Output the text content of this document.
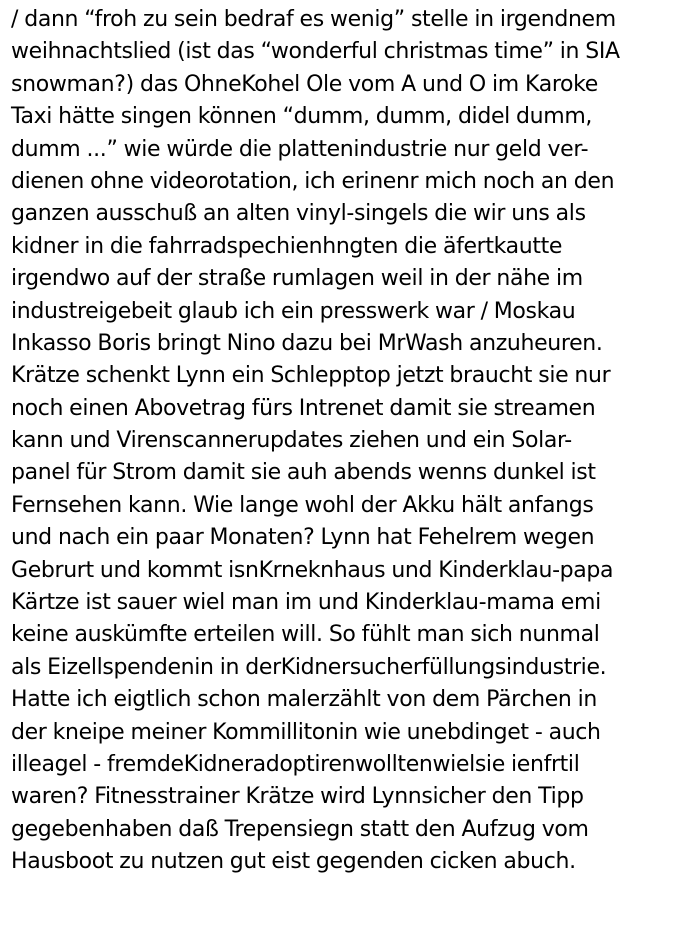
/ dann “froh zu sein bedraf es wenig” stelle in irgendnem
weihnachtslied (ist das “wonderful christmas time” in SIA
snowman?) das OhneKohel Ole vom A und O im Karoke
Taxi hätte singen können “dumm, dumm, didel dumm,
dumm ...” wie würde die plattenindustrie nur geld ver-
dienen ohne videorotation, ich erinenr mich noch an den
ganzen ausschuß an alten vinyl-singels die wir uns als
kidner in die fahrradspechienhngten die äfertkautte
irgendwo auf der straße rumlagen weil in der nähe im
industreigebeit glaub ich ein presswerk war / Moskau
Inkasso Boris bringt Nino dazu bei MrWash anzuheuren.
Krätze schenkt Lynn ein Schlepptop jetzt braucht sie nur
noch einen Abovetrag fürs Intrenet damit sie streamen
kann und Virenscannerupdates ziehen und ein Solar-
panel für Strom damit sie auh abends wenns dunkel ist
Fernsehen kann. Wie lange wohl der Akku hält anfangs
und nach ein paar Monaten? Lynn hat Fehelrem wegen
Gebrurt und kommt isnKrneknhaus und Kinderklau-papa
Kärtze ist sauer wiel man im und Kinderklau-mama emi
keine auskümfte erteilen will. So fühlt man sich nunmal
als Eizellspendenin in derKidnersucherfüllungsindustrie.
Hatte ich eigtlich schon malerzählt von dem Pärchen in
der kneipe meiner Kommillitonin wie unebdinget - auch
illeagel - fremdeKidneradoptirenwolltenwielsie ienfrtil
waren? Fitnesstrainer Krätze wird Lynnsicher den Tipp
gegebenhaben daß Trepensiegn statt den Aufzug vom
Hausboot zu nutzen gut eist gegenden cicken abuch.
